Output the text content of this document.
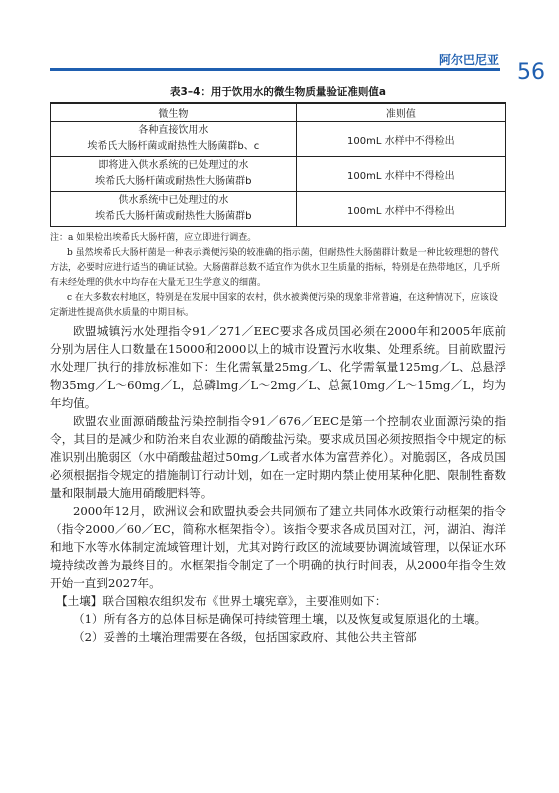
阿尔巴尼亚 56
表3–4：用于饮用水的微生物质量验证准则值a
微生物	准则值

各种直接饮用水
埃希氏大肠杆菌或耐热性大肠菌群b、c	100mL 水样中不得检出

即将进入供水系统的已处理过的水
埃希氏大肠杆菌或耐热性大肠菌群b	100mL 水样中不得检出

供水系统中已处理过的水
埃希氏大肠杆菌或耐热性大肠菌群b	100mL 水样中不得检出

注：a 如果检出埃希氏大肠杆菌，应立即进行调查。

b 虽然埃希氏大肠杆菌是一种表示粪便污染的较准确的指示菌，但耐热性大肠菌群计数是一种比较理想的替代方法，必要时应进行适当的确证试验。大肠菌群总数不适宜作为供水卫生质量的指标，特别是在热带地区，几乎所有未经处理的供水中均存在大量无卫生学意义的细菌。

c 在大多数农村地区，特别是在发展中国家的农村，供水被粪便污染的现象非常普遍，在这种情况下，应该设定渐进性提高供水质量的中期目标。

欧盟城镇污水处理指令91／271／EEC要求各成员国必须在2000年和2005年底前分别为居住人口数量在15000和2000以上的城市设置污水收集、处理系统。目前欧盟污水处理厂执行的排放标准如下：生化需氧量25mg／L、化学需氧量125mg／L、总悬浮物35mg／L～60mg／L，总磷lmg／L～2mg／L、总氮10mg／L～15mg／L，均为年均值。

欧盟农业面源硝酸盐污染控制指令91／676／EEC是第一个控制农业面源污染的指令，其目的是减少和防治来自农业源的硝酸盐污染。要求成员国必须按照指令中规定的标准识别出脆弱区（水中硝酸盐超过50mg／L或者水体为富营养化）。对脆弱区，各成员国必须根据指令规定的措施制订行动计划，如在一定时期内禁止使用某种化肥、限制牲畜数量和限制最大施用硝酸肥料等。

2000年12月，欧洲议会和欧盟执委会共同颁布了建立共同体水政策行动框架的指令（指令2000／60／EC，简称水框架指令）。该指令要求各成员国对江，河，湖泊、海洋和地下水等水体制定流域管理计划，尤其对跨行政区的流域要协调流域管理，以保证水环境持续改善为最终目的。水框架指令制定了一个明确的执行时间表，从2000年指令生效开始一直到2027年。

【土壤】联合国粮农组织发布《世界土壤宪章》，主要准则如下：

（1）所有各方的总体目标是确保可持续管理土壤，以及恢复或复原退化的土壤。

（2）妥善的土壤治理需要在各级，包括国家政府、其他公共主管部
